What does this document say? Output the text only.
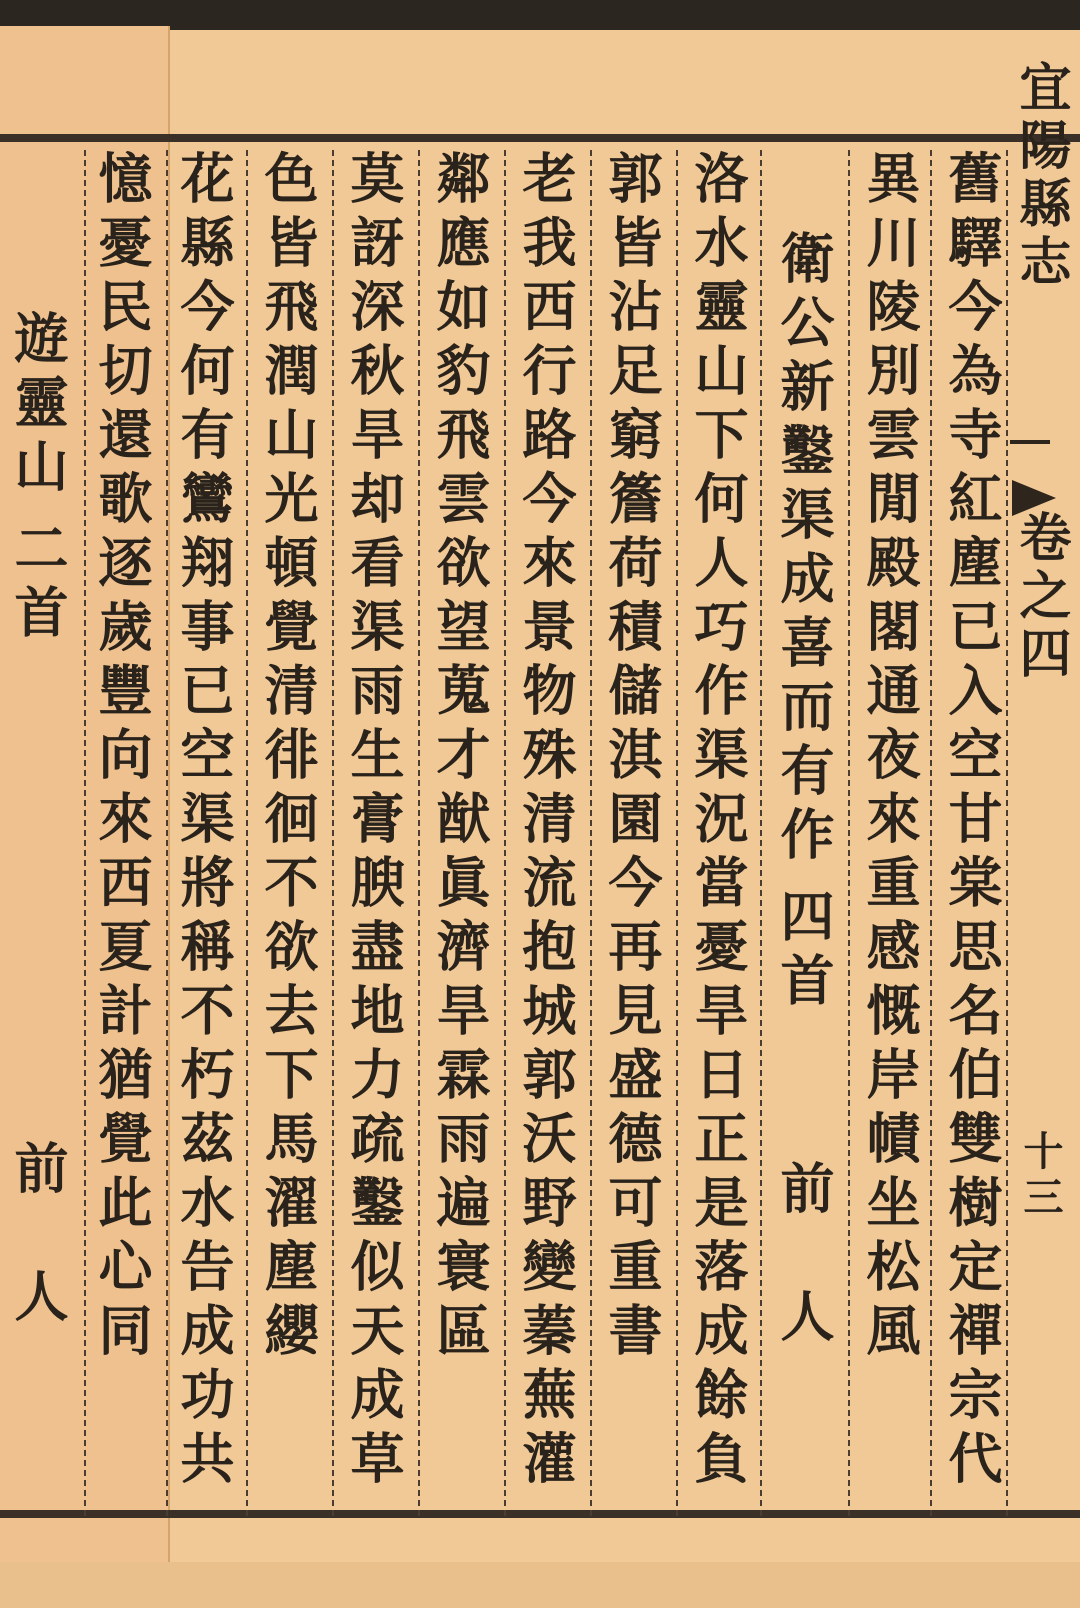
宜陽縣志
卷之四
十三

舊驛今為寺紅塵已入空甘棠思名伯雙樹定禪宗代

異川陵別雲閒殿閣通夜來重感慨岸幘坐松風

衛公新鑿渠成喜而有作四首
前　人

洛水靈山下何人巧作渠況當憂旱日正是落成餘負

郭皆沾足窮簷荷積儲淇園今再見盛德可重書

老我西行路今來景物殊清流抱城郭沃野變蓁蕪灌

鄰應如豹飛雲欲望蒐才猷眞濟旱霖雨遍寰區

莫訝深秋旱却看渠雨生膏腴盡地力疏鑿似天成草

色皆飛潤山光頓覺清徘徊不欲去下馬濯塵纓

花縣今何有鸞翔事已空渠將稱不朽茲水告成功共

憶憂民切還歌逐歲豐向來西夏計猶覺此心同

遊靈山二首
前　人
